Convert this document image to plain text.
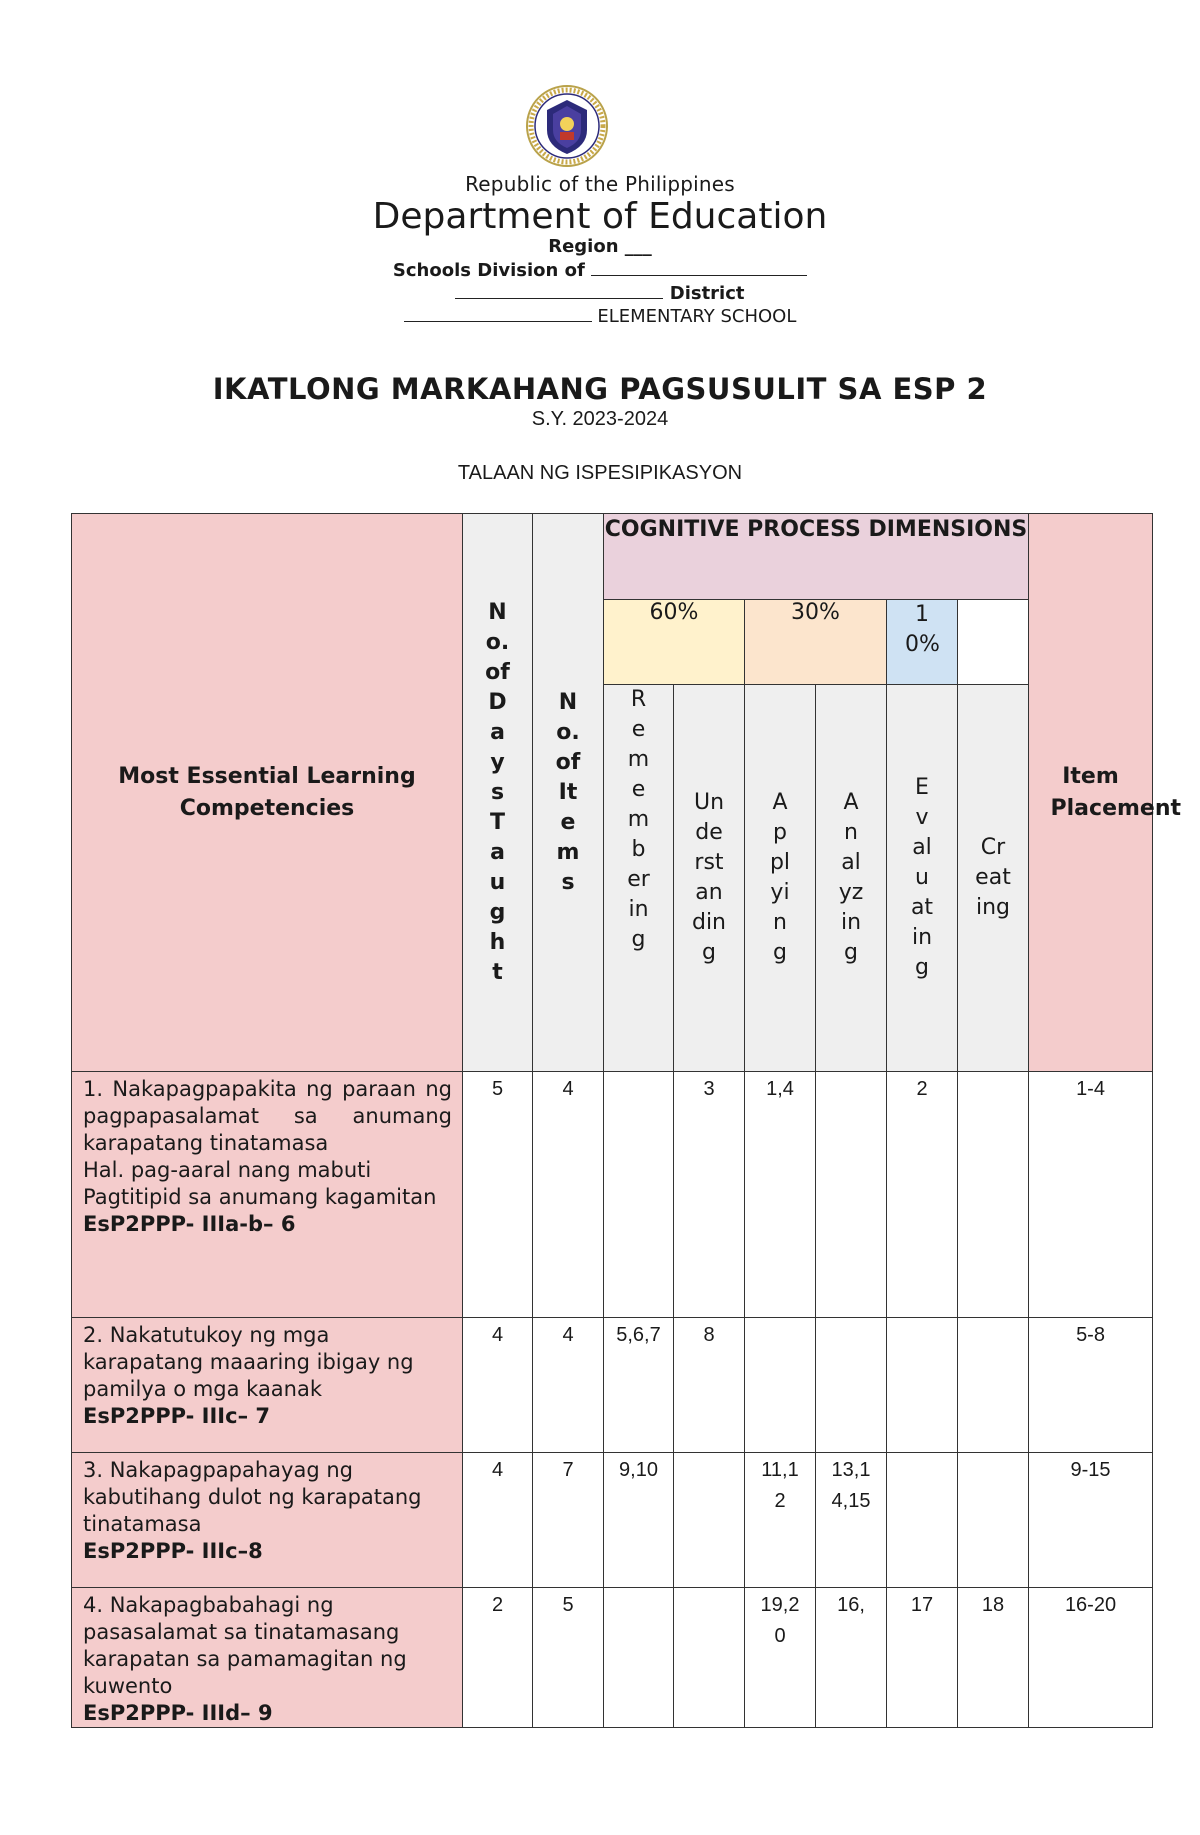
Republic of the Philippines
Department of Education
Region ___
Schools Division of
District
ELEMENTARY SCHOOL
IKATLONG MARKAHANG PAGSUSULIT SA ESP 2
S.Y. 2023-2024
TALAAN NG ISPESIPIKASYON
Most Essential Learning Competencies	No.ofDaysTaught	No.ofItems	COGNITIVE PROCESS DIMENSIONS						Item Placement
			60%		30%		10%		
			Remembering	Understanding	Applying	Analyzing	Evaluating	Creating	

1. Nakapagpapakita ng paraan ng pagpapasalamat sa anumang karapatang tinatamasa

Hal. pag-aaral nang mabuti Pagtitipid sa anumang kagamitan

EsP2PPP- IIIa-b– 6	5	4		3	1,4		2		1-4

2. Nakatutukoy ng mga karapatang maaaring ibigay ng pamilya o mga kaanak

EsP2PPP- IIIc– 7	4	4	5,6,7	8					5-8

3. Nakapagpapahayag ng kabutihang dulot ng karapatang tinatamasa

EsP2PPP- IIIc–8	4	7	9,10		11,12	13,14,15			9-15

4. Nakapagbabahagi ng pasasalamat sa tinatamasang karapatan sa pamamagitan ng kuwento

EsP2PPP- IIId– 9	2	5			19,20	16,	17	18	16-20
